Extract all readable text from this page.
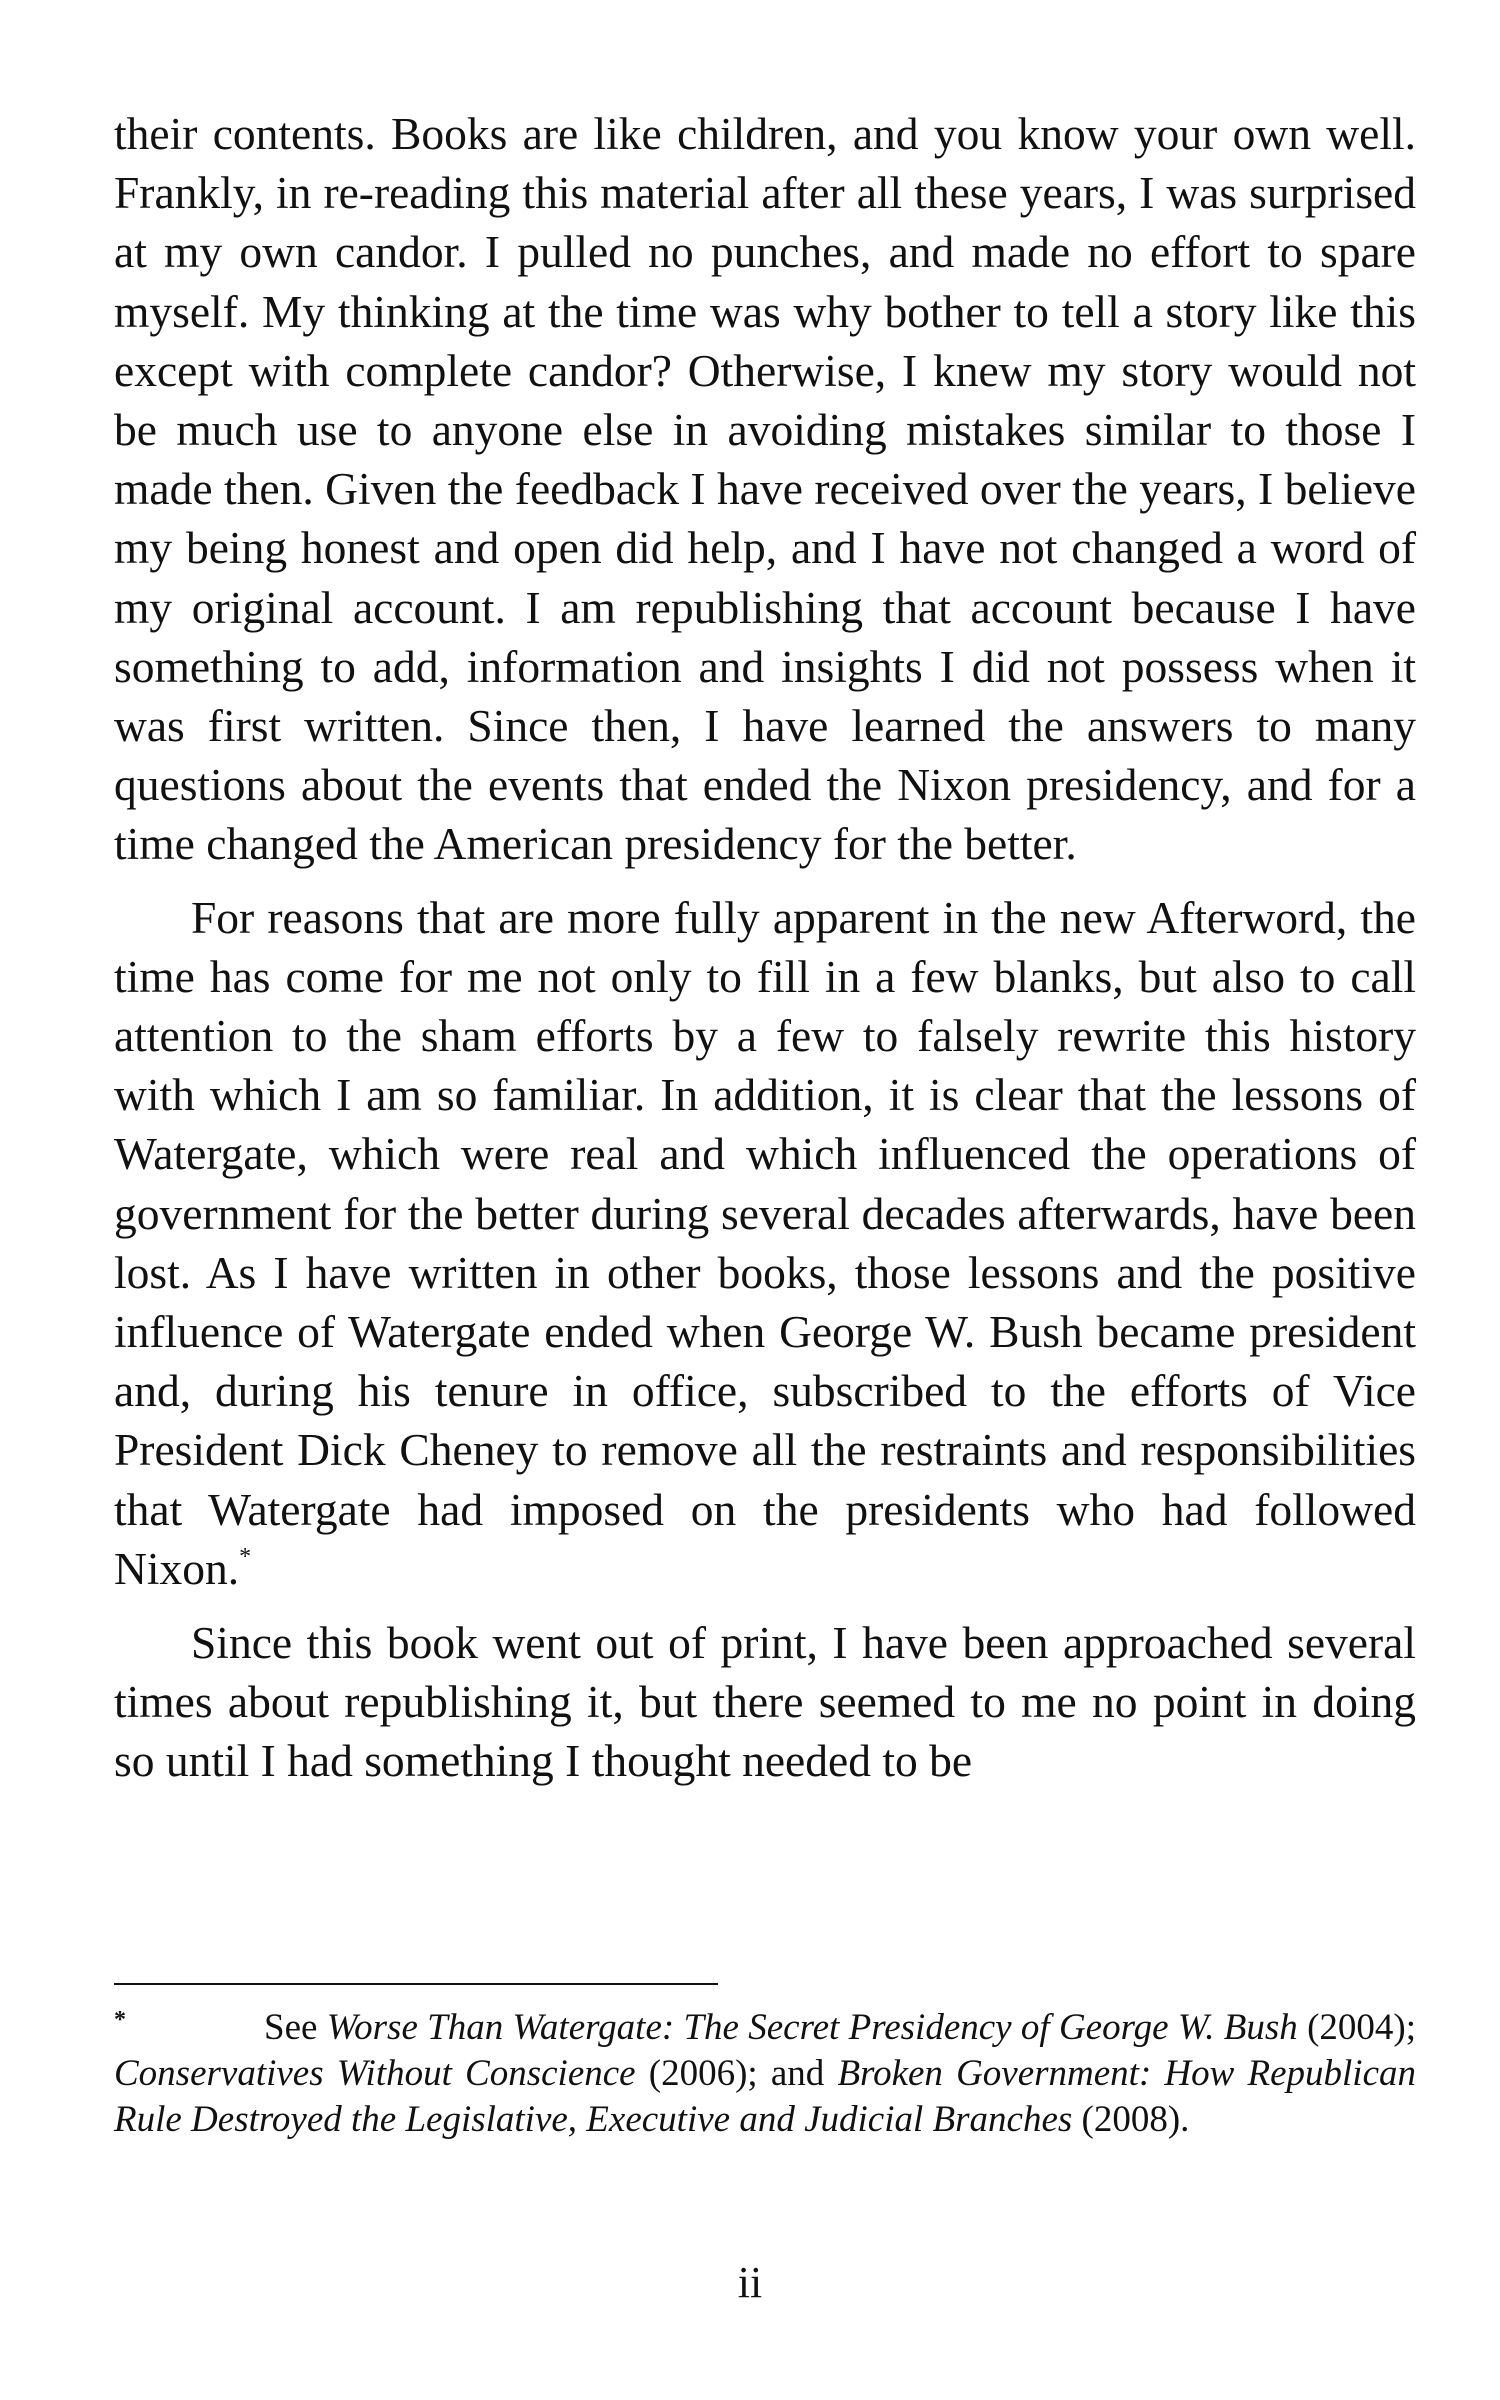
their contents. Books are like children, and you know your own well. Frankly, in re-reading this material after all these years, I was surprised at my own candor. I pulled no punches, and made no effort to spare myself. My thinking at the time was why bother to tell a story like this except with complete candor? Otherwise, I knew my story would not be much use to anyone else in avoiding mistakes similar to those I made then. Given the feedback I have received over the years, I believe my being honest and open did help, and I have not changed a word of my original account. I am republishing that account because I have something to add, information and insights I did not possess when it was first written. Since then, I have learned the answers to many questions about the events that ended the Nixon presidency, and for a time changed the American presidency for the better.

For reasons that are more fully apparent in the new Afterword, the time has come for me not only to fill in a few blanks, but also to call attention to the sham efforts by a few to falsely rewrite this history with which I am so familiar. In addition, it is clear that the lessons of Watergate, which were real and which influenced the operations of government for the better during several decades afterwards, have been lost. As I have written in other books, those lessons and the positive influence of Watergate ended when George W. Bush became president and, during his tenure in office, subscribed to the efforts of Vice President Dick Cheney to remove all the restraints and responsibilities that Watergate had imposed on the presidents who had followed Nixon.*

Since this book went out of print, I have been approached several times about republishing it, but there seemed to me no point in doing so until I had something I thought needed to be

*	See Worse Than Watergate: The Secret Presidency of George W. Bush (2004); Conservatives Without Conscience (2006); and Broken Government: How Republican Rule Destroyed the Legislative, Executive and Judicial Branches (2008).

ii
